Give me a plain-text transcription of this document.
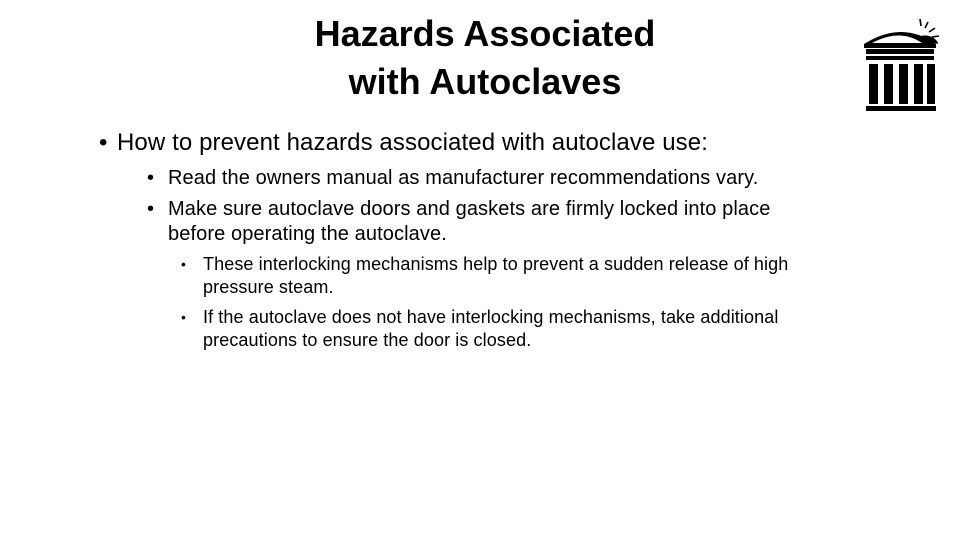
Hazards Associated
with Autoclaves
• How to prevent hazards associated with autoclave use:
• Read the owners manual as manufacturer recommendations vary.
• Make sure autoclave doors and gaskets are firmly locked into place before operating the autoclave.
• These interlocking mechanisms help to prevent a sudden release of high pressure steam.
• If the autoclave does not have interlocking mechanisms, take additional precautions to ensure the door is closed.
